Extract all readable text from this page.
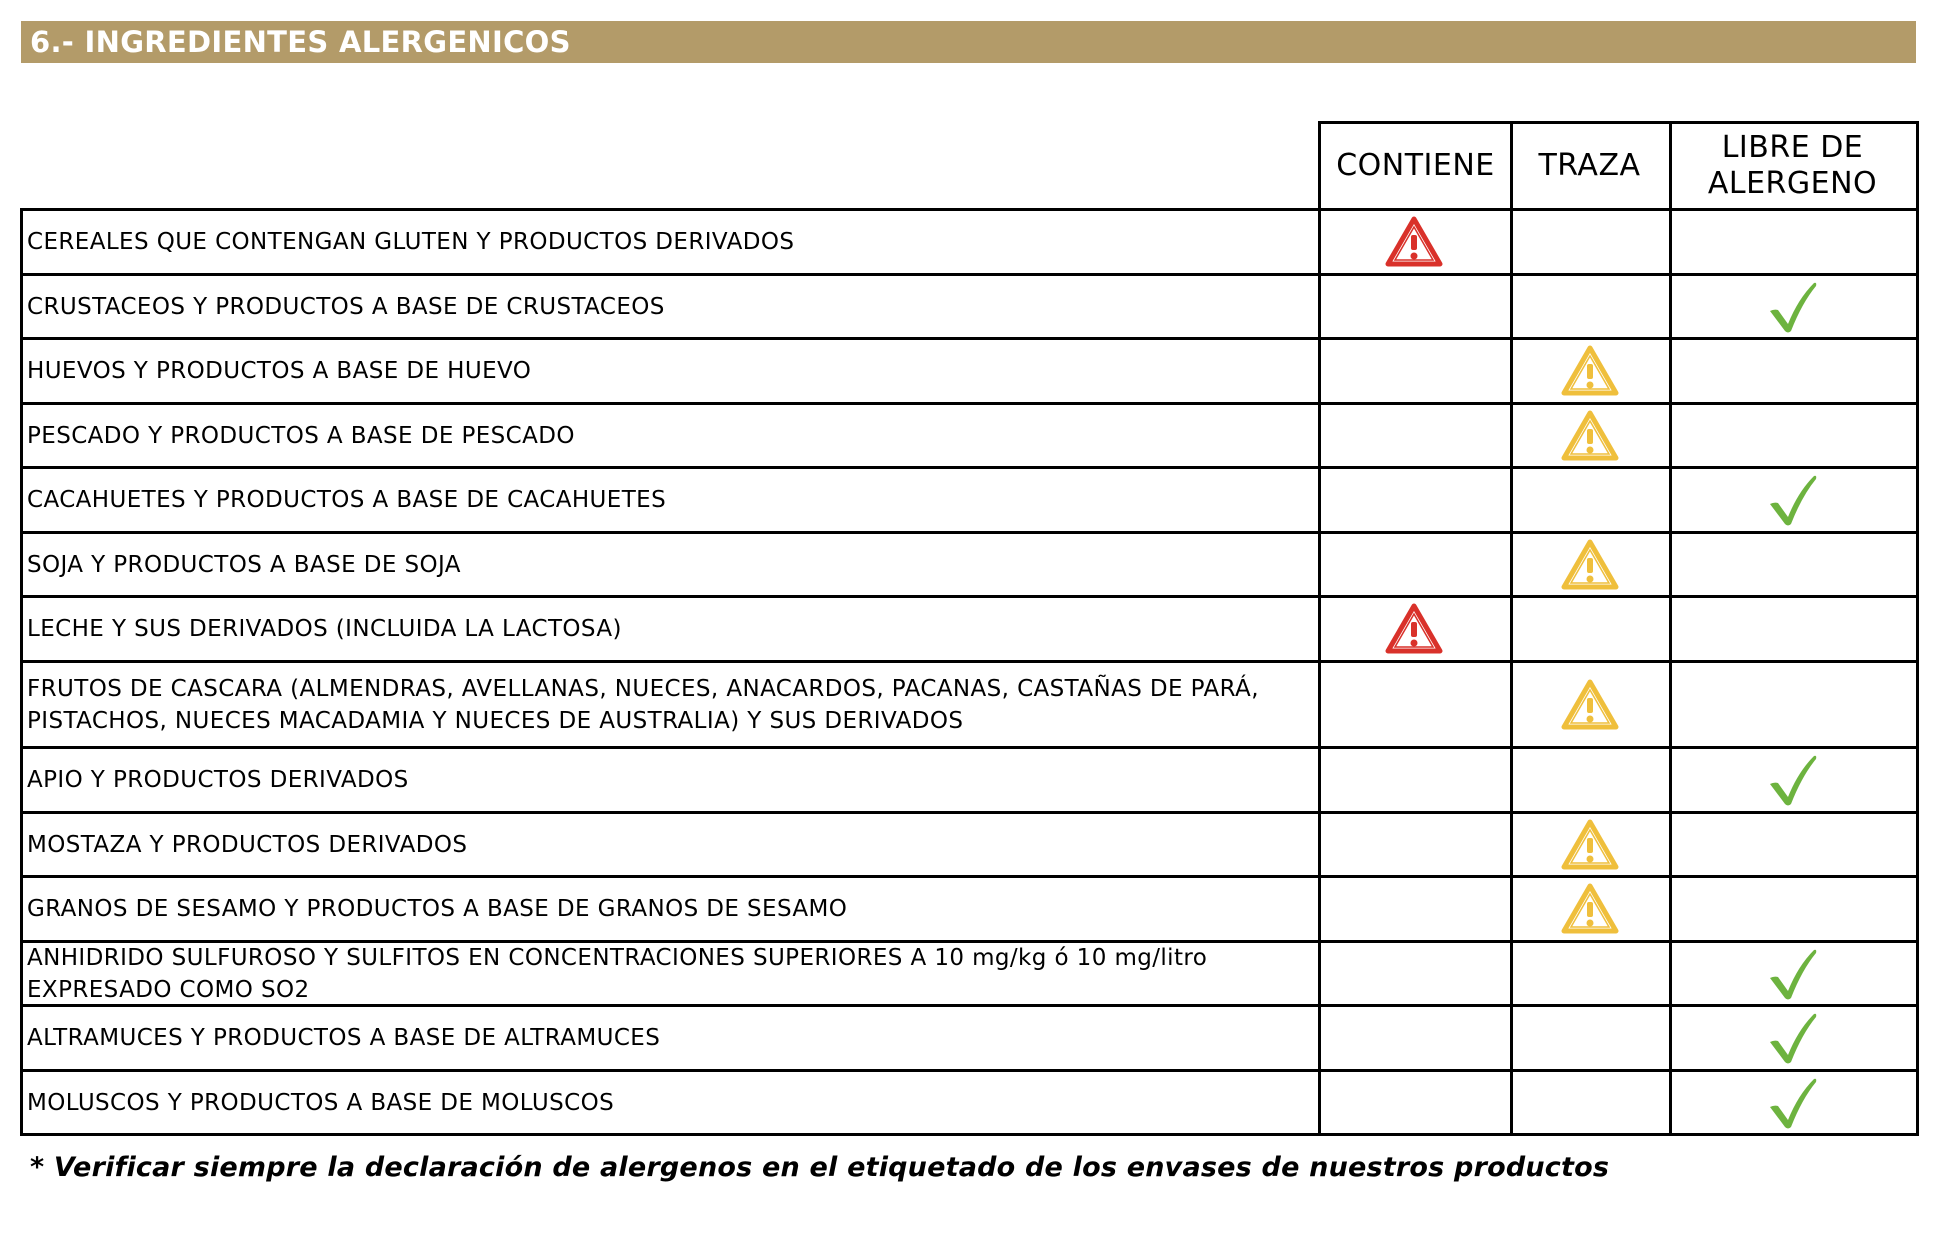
6.- INGREDIENTES ALERGENICOS
CONTIENE	TRAZA
LIBRE DE
ALERGENO
CEREALES QUE CONTENGAN GLUTEN Y PRODUCTOS DERIVADOS
CRUSTACEOS Y PRODUCTOS A BASE DE CRUSTACEOS
HUEVOS Y PRODUCTOS A BASE DE HUEVO
PESCADO Y PRODUCTOS A BASE DE PESCADO
CACAHUETES Y PRODUCTOS A BASE DE CACAHUETES
SOJA Y PRODUCTOS A BASE DE SOJA
LECHE Y SUS DERIVADOS (INCLUIDA LA LACTOSA)
FRUTOS DE CASCARA (ALMENDRAS, AVELLANAS, NUECES, ANACARDOS, PACANAS, CASTAÑAS DE PARÁ,
PISTACHOS, NUECES MACADAMIA Y NUECES DE AUSTRALIA) Y SUS DERIVADOS
APIO Y PRODUCTOS DERIVADOS
MOSTAZA Y PRODUCTOS DERIVADOS
GRANOS DE SESAMO Y PRODUCTOS A BASE DE GRANOS DE SESAMO
ANHIDRIDO SULFUROSO Y SULFITOS EN CONCENTRACIONES SUPERIORES A 10 mg/kg ó 10 mg/litro
EXPRESADO COMO SO2
ALTRAMUCES Y PRODUCTOS A BASE DE ALTRAMUCES
MOLUSCOS Y PRODUCTOS A BASE DE MOLUSCOS
* Verificar siempre la declaración de alergenos en el etiquetado de los envases de nuestros productos
